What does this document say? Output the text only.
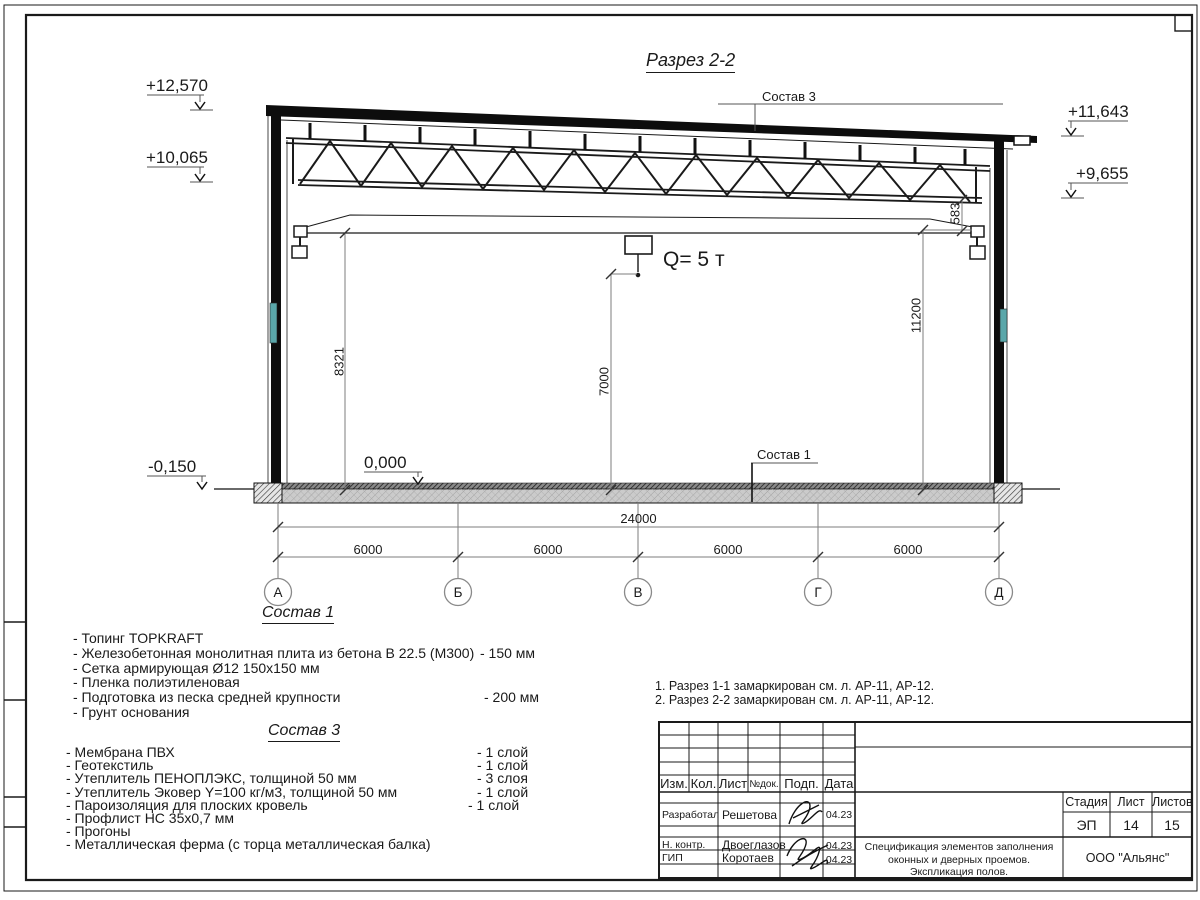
Разрез 2-2
+12,570
+10,065
+11,643
+9,655
-0,150	0,000
Q= 5 т
8321
7000
11200
583
24000
6000	6000	6000	6000
А	Б	В	Г	Д
Состав 3
Состав 1
Состав 1
- Топинг TOPKRAFT
- Железобетонная монолитная плита из бетона В 22.5 (М300) - 150 мм
- Сетка армирующая Ø12 150х150 мм
- Пленка полиэтиленовая
- Подготовка из песка средней крупности	- 200 мм
- Грунт основания
Состав 3
- Мембрана ПВХ	- 1 слой
- Геотекстиль	- 1 слой
- Утеплитель ПЕНОПЛЭКС, толщиной 50 мм	- 3 слоя
- Утеплитель Эковер Y=100 кг/м3, толщиной 50 мм	- 1 слой
- Пароизоляция для плоских кровель	- 1 слой
- Профлист НС 35х0,7 мм
- Прогоны
- Металлическая ферма (с торца металлическая балка)
1. Разрез 1-1 замаркирован см. л. АР-11, АР-12.
2. Разрез 2-2 замаркирован см. л. АР-11, АР-12.
Изм. Кол. Лист №док. Подп. Дата
Разработал Решетова	04.23
Н. контр. Двоеглазов	04.23
ГИП	Коротаев	04.23
Стадия Лист Листов
ЭП	14	15
Спецификация элементов заполнения оконных и дверных проемов. Экспликация полов.
ООО "Альянс"
